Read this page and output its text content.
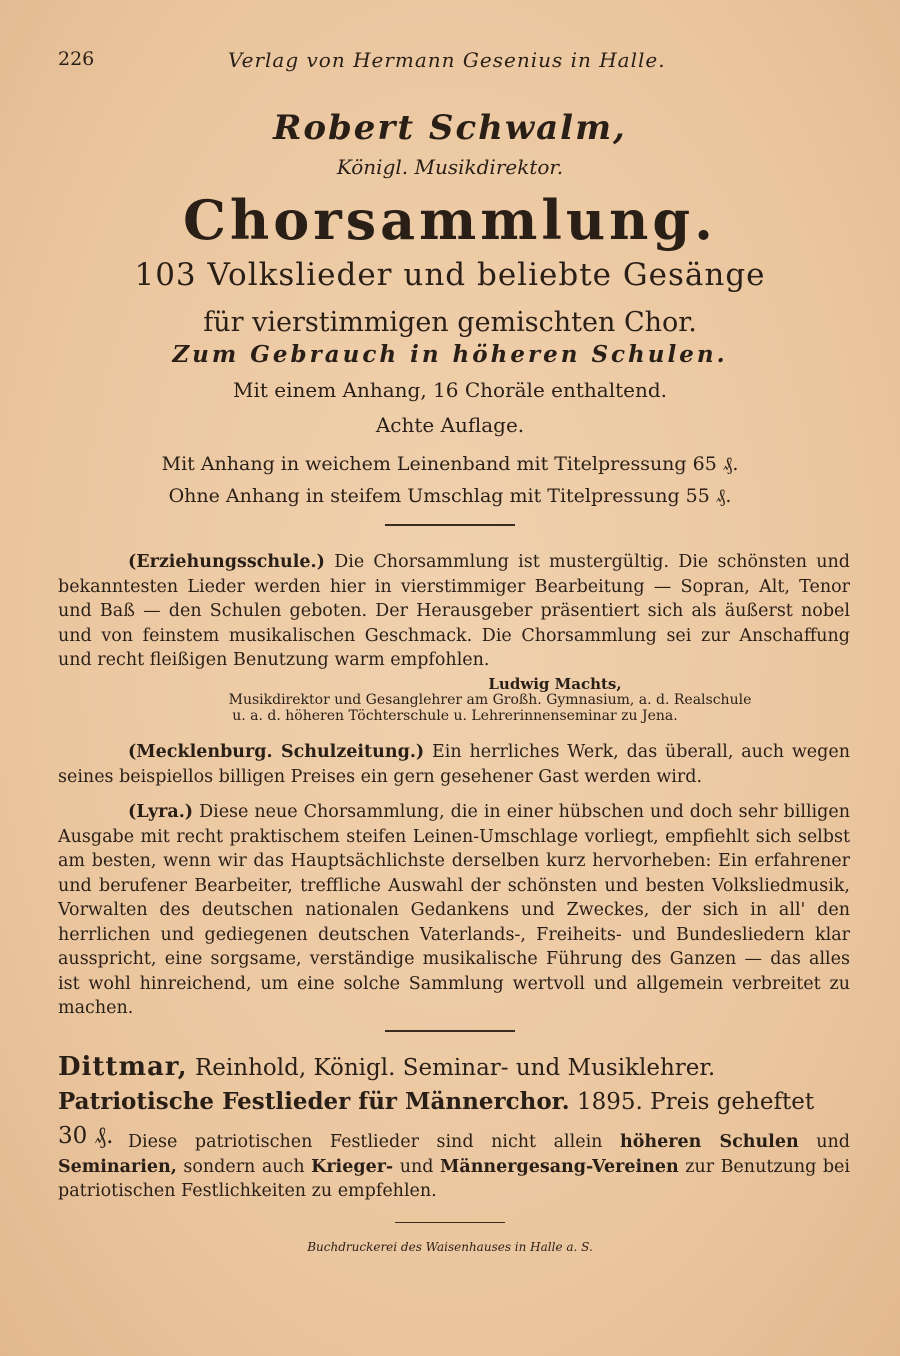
226	Verlag von Hermann Gesenius in Halle.
Robert Schwalm,
Königl. Musikdirektor.
Chorsammlung.
103 Volkslieder und beliebte Gesänge
für vierstimmigen gemischten Chor.
Zum Gebrauch in höheren Schulen.
Mit einem Anhang, 16 Choräle enthaltend.
Achte Auflage.
Mit Anhang in weichem Leinenband mit Titelpressung 65 ₰.
Ohne Anhang in steifem Umschlag mit Titelpressung 55 ₰.

(Erziehungsschule.) Die Chorsammlung ist mustergültig. Die schönsten und bekanntesten Lieder werden hier in vierstimmiger Bearbeitung — Sopran, Alt, Tenor und Baß — den Schulen geboten. Der Herausgeber präsentiert sich als äußerst nobel und von feinstem musikalischen Geschmack. Die Chorsammlung sei zur Anschaffung und recht fleißigen Benutzung warm empfohlen.

Ludwig Machts,
Musikdirektor und Gesanglehrer am Großh. Gymnasium, a. d. Realschule
u. a. d. höheren Töchterschule u. Lehrerinnenseminar zu Jena.

(Mecklenburg. Schulzeitung.) Ein herrliches Werk, das überall, auch wegen seines beispiellos billigen Preises ein gern gesehener Gast werden wird.

(Lyra.) Diese neue Chorsammlung, die in einer hübschen und doch sehr billigen Ausgabe mit recht praktischem steifen Leinen-Umschlage vorliegt, empfiehlt sich selbst am besten, wenn wir das Hauptsächlichste derselben kurz hervorheben: Ein erfahrener und berufener Bearbeiter, treffliche Auswahl der schönsten und besten Volksliedmusik, Vorwalten des deutschen nationalen Gedankens und Zweckes, der sich in all' den herrlichen und gediegenen deutschen Vaterlands-, Freiheits- und Bundesliedern klar ausspricht, eine sorgsame, verständige musikalische Führung des Ganzen — das alles ist wohl hinreichend, um eine solche Sammlung wertvoll und allgemein verbreitet zu machen.

Dittmar, Reinhold, Königl. Seminar- und Musiklehrer. Patriotische Festlieder für Männerchor. 1895. Preis geheftet 30 ₰. Diese patriotischen Festlieder sind nicht allein höheren Schulen und Seminarien, sondern auch Krieger- und Männergesang-Vereinen zur Benutzung bei patriotischen Festlichkeiten zu empfehlen.

Buchdruckerei des Waisenhauses in Halle a. S.
